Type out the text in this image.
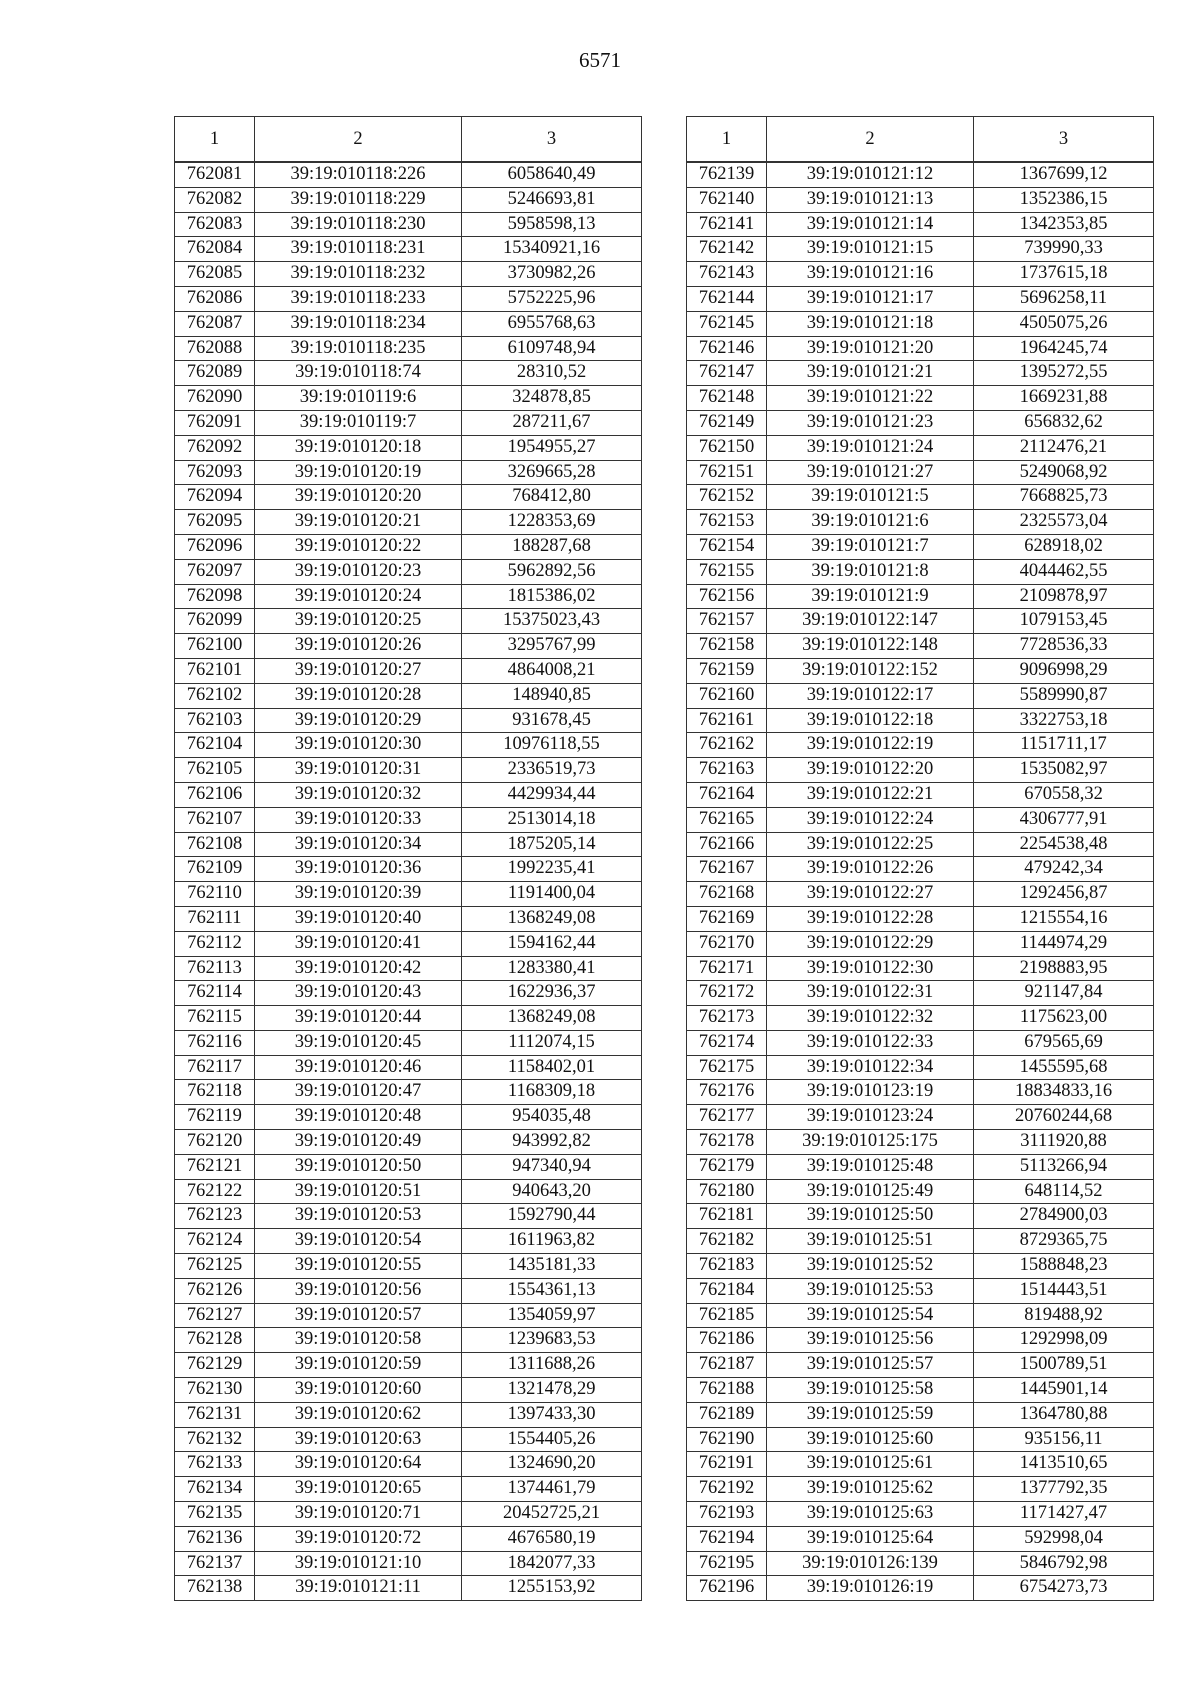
6571
1	2	3
762081	39:19:010118:226	6058640,49
762082	39:19:010118:229	5246693,81
762083	39:19:010118:230	5958598,13
762084	39:19:010118:231	15340921,16
762085	39:19:010118:232	3730982,26
762086	39:19:010118:233	5752225,96
762087	39:19:010118:234	6955768,63
762088	39:19:010118:235	6109748,94
762089	39:19:010118:74	28310,52
762090	39:19:010119:6	324878,85
762091	39:19:010119:7	287211,67
762092	39:19:010120:18	1954955,27
762093	39:19:010120:19	3269665,28
762094	39:19:010120:20	768412,80
762095	39:19:010120:21	1228353,69
762096	39:19:010120:22	188287,68
762097	39:19:010120:23	5962892,56
762098	39:19:010120:24	1815386,02
762099	39:19:010120:25	15375023,43
762100	39:19:010120:26	3295767,99
762101	39:19:010120:27	4864008,21
762102	39:19:010120:28	148940,85
762103	39:19:010120:29	931678,45
762104	39:19:010120:30	10976118,55
762105	39:19:010120:31	2336519,73
762106	39:19:010120:32	4429934,44
762107	39:19:010120:33	2513014,18
762108	39:19:010120:34	1875205,14
762109	39:19:010120:36	1992235,41
762110	39:19:010120:39	1191400,04
762111	39:19:010120:40	1368249,08
762112	39:19:010120:41	1594162,44
762113	39:19:010120:42	1283380,41
762114	39:19:010120:43	1622936,37
762115	39:19:010120:44	1368249,08
762116	39:19:010120:45	1112074,15
762117	39:19:010120:46	1158402,01
762118	39:19:010120:47	1168309,18
762119	39:19:010120:48	954035,48
762120	39:19:010120:49	943992,82
762121	39:19:010120:50	947340,94
762122	39:19:010120:51	940643,20
762123	39:19:010120:53	1592790,44
762124	39:19:010120:54	1611963,82
762125	39:19:010120:55	1435181,33
762126	39:19:010120:56	1554361,13
762127	39:19:010120:57	1354059,97
762128	39:19:010120:58	1239683,53
762129	39:19:010120:59	1311688,26
762130	39:19:010120:60	1321478,29
762131	39:19:010120:62	1397433,30
762132	39:19:010120:63	1554405,26
762133	39:19:010120:64	1324690,20
762134	39:19:010120:65	1374461,79
762135	39:19:010120:71	20452725,21
762136	39:19:010120:72	4676580,19
762137	39:19:010121:10	1842077,33
762138	39:19:010121:11	1255153,92
1	2	3
762139	39:19:010121:12	1367699,12
762140	39:19:010121:13	1352386,15
762141	39:19:010121:14	1342353,85
762142	39:19:010121:15	739990,33
762143	39:19:010121:16	1737615,18
762144	39:19:010121:17	5696258,11
762145	39:19:010121:18	4505075,26
762146	39:19:010121:20	1964245,74
762147	39:19:010121:21	1395272,55
762148	39:19:010121:22	1669231,88
762149	39:19:010121:23	656832,62
762150	39:19:010121:24	2112476,21
762151	39:19:010121:27	5249068,92
762152	39:19:010121:5	7668825,73
762153	39:19:010121:6	2325573,04
762154	39:19:010121:7	628918,02
762155	39:19:010121:8	4044462,55
762156	39:19:010121:9	2109878,97
762157	39:19:010122:147	1079153,45
762158	39:19:010122:148	7728536,33
762159	39:19:010122:152	9096998,29
762160	39:19:010122:17	5589990,87
762161	39:19:010122:18	3322753,18
762162	39:19:010122:19	1151711,17
762163	39:19:010122:20	1535082,97
762164	39:19:010122:21	670558,32
762165	39:19:010122:24	4306777,91
762166	39:19:010122:25	2254538,48
762167	39:19:010122:26	479242,34
762168	39:19:010122:27	1292456,87
762169	39:19:010122:28	1215554,16
762170	39:19:010122:29	1144974,29
762171	39:19:010122:30	2198883,95
762172	39:19:010122:31	921147,84
762173	39:19:010122:32	1175623,00
762174	39:19:010122:33	679565,69
762175	39:19:010122:34	1455595,68
762176	39:19:010123:19	18834833,16
762177	39:19:010123:24	20760244,68
762178	39:19:010125:175	3111920,88
762179	39:19:010125:48	5113266,94
762180	39:19:010125:49	648114,52
762181	39:19:010125:50	2784900,03
762182	39:19:010125:51	8729365,75
762183	39:19:010125:52	1588848,23
762184	39:19:010125:53	1514443,51
762185	39:19:010125:54	819488,92
762186	39:19:010125:56	1292998,09
762187	39:19:010125:57	1500789,51
762188	39:19:010125:58	1445901,14
762189	39:19:010125:59	1364780,88
762190	39:19:010125:60	935156,11
762191	39:19:010125:61	1413510,65
762192	39:19:010125:62	1377792,35
762193	39:19:010125:63	1171427,47
762194	39:19:010125:64	592998,04
762195	39:19:010126:139	5846792,98
762196	39:19:010126:19	6754273,73
